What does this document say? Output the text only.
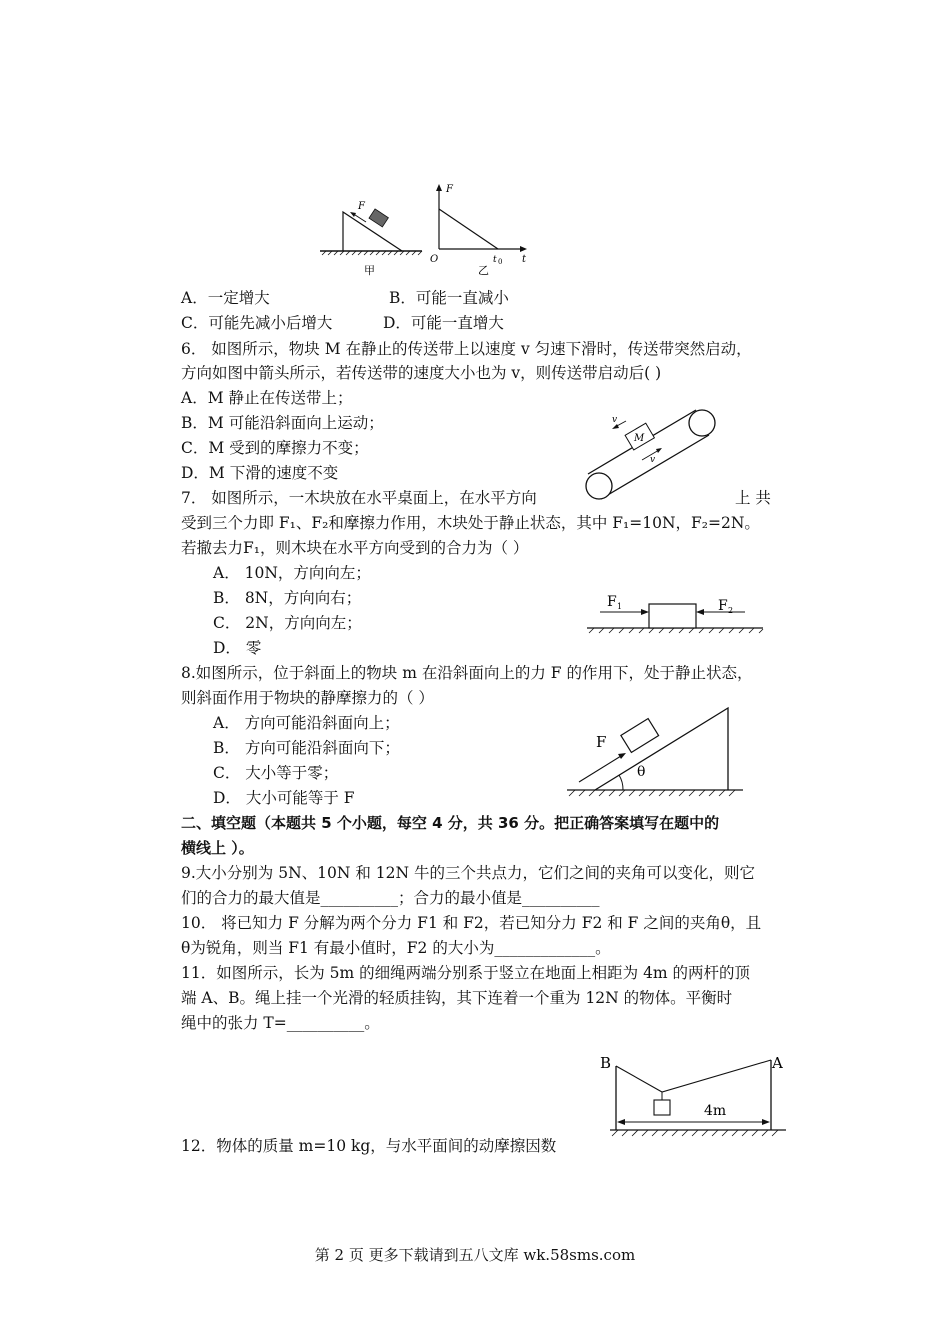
F
甲
F
t
O	t 0
乙
A．一定增大	B．可能一直减小
C．可能先减小后增大	D．可能一直增大
6． 如图所示，物块 M 在静止的传送带上以速度 v 匀速下滑时，传送带突然启动，
方向如图中箭头所示，若传送带的速度大小也为 v，则传送带启动后( )
A．M 静止在传送带上；
B．M 可能沿斜面向上运动；
C．M 受到的摩擦力不变；
D．M 下滑的速度不变
M
v
v
7． 如图所示，一木块放在水平桌面上，在水平方向	上 共
受到三个力即 F₁、F₂和摩擦力作用，木块处于静止状态，其中 F₁=10N，F₂=2N。
若撤去力F₁，则木块在水平方向受到的合力为（ ）
A． 10N，方向向左；
B． 8N，方向向右；
C． 2N，方向向左；
D． 零
F 1	F 2
8.如图所示，位于斜面上的物块 m 在沿斜面向上的力 F 的作用下，处于静止状态，
则斜面作用于物块的静摩擦力的（ ）
A． 方向可能沿斜面向上；
B． 方向可能沿斜面向下；
C． 大小等于零；
D． 大小可能等于 F
F
θ
二、填空题（本题共 5 个小题，每空 4 分，共 36 分。把正确答案填写在题中的
横线上 ）。
9.大小分别为 5N、10N 和 12N 牛的三个共点力，它们之间的夹角可以变化，则它
们的合力的最大值是__________；合力的最小值是__________
10． 将已知力 F 分解为两个分力 F1 和 F2，若已知分力 F2 和 F 之间的夹角θ，且
θ为锐角，则当 F1 有最小值时，F2 的大小为_____________。
11．如图所示，长为 5m 的细绳两端分别系于竖立在地面上相距为 4m 的两杆的顶
端 A、B。绳上挂一个光滑的轻质挂钩，其下连着一个重为 12N 的物体。平衡时
绳中的张力 T=__________。
B	A
4m
12．物体的质量 m=10 kg，与水平面间的动摩擦因数
第 2 页 更多下载请到五八文库 wk.58sms.com
